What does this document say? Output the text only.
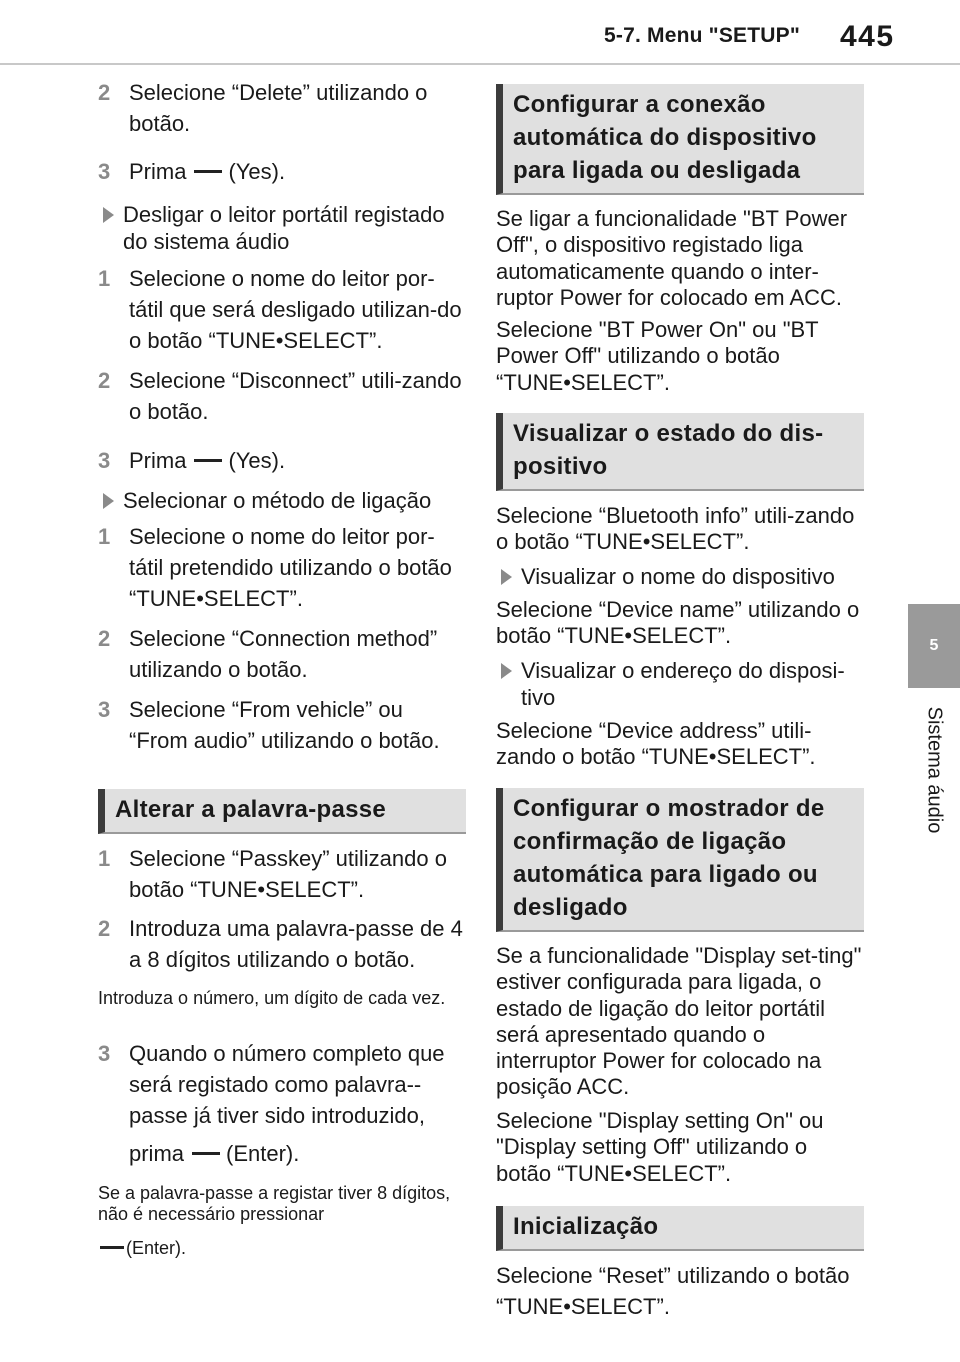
5-7. Menu "SETUP" 445
5
Sistema áudio
2 Selecione “Delete” utilizando o botão.
3 Prima (Yes).
Desligar o leitor portátil registado do sistema áudio
1 Selecione o nome do leitor por-tátil que será desligado utilizan-do o botão “TUNE•SELECT”.
2 Selecione “Disconnect” utili-zando o botão.
3 Prima (Yes).
Selecionar o método de ligação
1 Selecione o nome do leitor por-tátil pretendido utilizando o botão “TUNE•SELECT”.
2 Selecione “Connection method” utilizando o botão.
3 Selecione “From vehicle” ou “From audio” utilizando o botão.
Alterar a palavra-passe
1 Selecione “Passkey” utilizando o botão “TUNE•SELECT”.
2 Introduza uma palavra-passe de 4 a 8 dígitos utilizando o botão.
Introduza o número, um dígito de cada vez.
3 Quando o número completo que será registado como palavra--passe já tiver sido introduzido,
prima (Enter).
Se a palavra-passe a registar tiver 8 dígitos, não é necessário pressionar
(Enter).
Configurar a conexão automática do dispositivo para ligada ou desligada
Se ligar a funcionalidade "BT Power Off", o dispositivo registado liga automaticamente quando o inter-ruptor Power for colocado em ACC.
Selecione "BT Power On" ou "BT Power Off" utilizando o botão “TUNE•SELECT”.
Visualizar o estado do dis-positivo
Selecione “Bluetooth info” utili-zando o botão “TUNE•SELECT”.
Visualizar o nome do dispositivo
Selecione “Device name” utilizando o botão “TUNE•SELECT”.
Visualizar o endereço do disposi-tivo
Selecione “Device address” utili-zando o botão “TUNE•SELECT”.
Configurar o mostrador de confirmação de ligação automática para ligado ou desligado
Se a funcionalidade "Display set-ting" estiver configurada para ligada, o estado de ligação do leitor portátil será apresentado quando o interruptor Power for colocado na posição ACC.
Selecione "Display setting On" ou "Display setting Off" utilizando o botão “TUNE•SELECT”.
Inicialização
Selecione “Reset” utilizando o botão “TUNE•SELECT”.
